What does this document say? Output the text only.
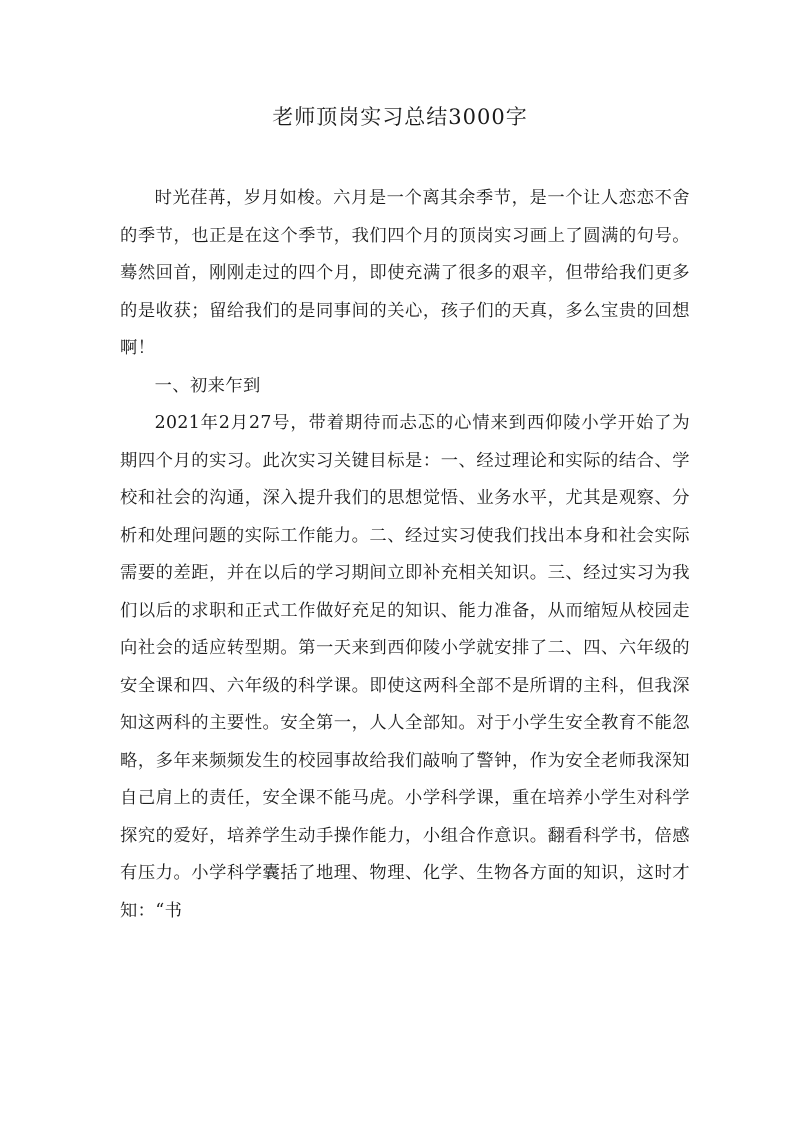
老师顶岗实习总结3000字

时光荏苒，岁月如梭。六月是一个离其余季节，是一个让人恋恋不舍的季节，也正是在这个季节，我们四个月的顶岗实习画上了圆满的句号。蓦然回首，刚刚走过的四个月，即使充满了很多的艰辛，但带给我们更多的是收获；留给我们的是同事间的关心，孩子们的天真，多么宝贵的回想啊！

一、初来乍到

2021年2月27号，带着期待而忐忑的心情来到西仰陵小学开始了为期四个月的实习。此次实习关键目标是：一、经过理论和实际的结合、学校和社会的沟通，深入提升我们的思想觉悟、业务水平，尤其是观察、分析和处理问题的实际工作能力。二、经过实习使我们找出本身和社会实际需要的差距，并在以后的学习期间立即补充相关知识。三、经过实习为我们以后的求职和正式工作做好充足的知识、能力准备，从而缩短从校园走向社会的适应转型期。第一天来到西仰陵小学就安排了二、四、六年级的安全课和四、六年级的科学课。即使这两科全部不是所谓的主科，但我深知这两科的主要性。安全第一，人人全部知。对于小学生安全教育不能忽略，多年来频频发生的校园事故给我们敲响了警钟，作为安全老师我深知自己肩上的责任，安全课不能马虎。小学科学课，重在培养小学生对科学探究的爱好，培养学生动手操作能力，小组合作意识。翻看科学书，倍感有压力。小学科学囊括了地理、物理、化学、生物各方面的知识，这时才知：“书
